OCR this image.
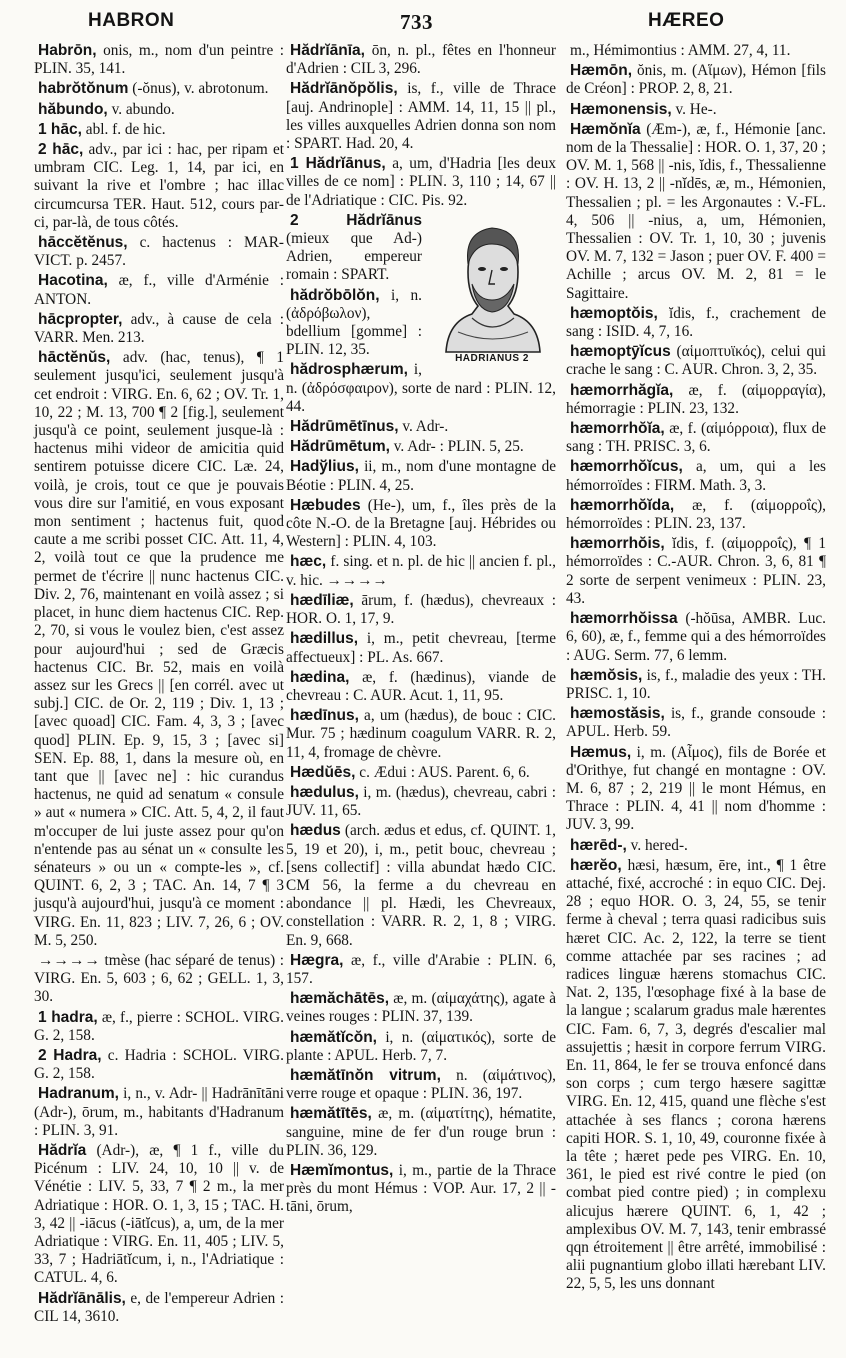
HABRON	733	HÆREO

Habrōn, onis, m., nom d'un peintre : PLIN. 35, 141.

habrŏtŏnum (-ŏnus), v. abrotonum.

hăbundo, v. abundo.

1 hāc, abl. f. de hic.

2 hāc, adv., par ici : hac, per ripam et umbram CIC. Leg. 1, 14, par ici, en suivant la rive et l'ombre ; hac illac circumcursa TER. Haut. 512, cours par-ci, par-là, de tous côtés.

hāccĕtĕnus, c. hactenus : MAR-VICT. p. 2457.

Hacotina, æ, f., ville d'Arménie : ANTON.

hācpropter, adv., à cause de cela : VARR. Men. 213.

hāctĕnŭs, adv. (hac, tenus), ¶ 1 seulement jusqu'ici, seulement jusqu'à cet endroit : VIRG. En. 6, 62 ; OV. Tr. 1, 10, 22 ; M. 13, 700 ¶ 2 [fig.], seulement jusqu'à ce point, seulement jusque-là : hactenus mihi videor de amicitia quid sentirem potuisse dicere CIC. Læ. 24, voilà, je crois, tout ce que je pouvais vous dire sur l'amitié, en vous exposant mon sentiment ; hactenus fuit, quod caute a me scribi posset CIC. Att. 11, 4, 2, voilà tout ce que la prudence me permet de t'écrire || nunc hactenus CIC. Div. 2, 76, maintenant en voilà assez ; si placet, in hunc diem hactenus CIC. Rep. 2, 70, si vous le voulez bien, c'est assez pour aujourd'hui ; sed de Græcis hactenus CIC. Br. 52, mais en voilà assez sur les Grecs || [en corrél. avec ut subj.] CIC. de Or. 2, 119 ; Div. 1, 13 ; [avec quoad] CIC. Fam. 4, 3, 3 ; [avec quod] PLIN. Ep. 9, 15, 3 ; [avec si] SEN. Ep. 88, 1, dans la mesure où, en tant que || [avec ne] : hic curandus hactenus, ne quid ad senatum « consule » aut « numera » CIC. Att. 5, 4, 2, il faut m'occuper de lui juste assez pour qu'on n'entende pas au sénat un « consulte les sénateurs » ou un « compte-les », cf. QUINT. 6, 2, 3 ; TAC. An. 14, 7 ¶ 3 jusqu'à aujourd'hui, jusqu'à ce moment : VIRG. En. 11, 823 ; LIV. 7, 26, 6 ; OV. M. 5, 250.

→→→→ tmèse (hac séparé de tenus) : VIRG. En. 5, 603 ; 6, 62 ; GELL. 1, 3, 30.

1 hadra, æ, f., pierre : SCHOL. VIRG. G. 2, 158.

2 Hadra, c. Hadria : SCHOL. VIRG. G. 2, 158.

Hadranum, i, n., v. Adr- || Hadrānītāni (Adr-), ōrum, m., habitants d'Hadranum : PLIN. 3, 91.

Hădrĭa (Adr-), æ, ¶ 1 f., ville du Picénum : LIV. 24, 10, 10 || v. de Vénétie : LIV. 5, 33, 7 ¶ 2 m., la mer Adriatique : HOR. O. 1, 3, 15 ; TAC. H. 3, 42 || -iācus (-iātĭcus), a, um, de la mer Adriatique : VIRG. En. 11, 405 ; LIV. 5, 33, 7 ; Hadriātĭcum, i, n., l'Adriatique : CATUL. 4, 6.

Hădrĭānālis, e, de l'empereur Adrien : CIL 14, 3610.

Hădrĭānīa, ōn, n. pl., fêtes en l'honneur d'Adrien : CIL 3, 296.

Hădrĭānŏpŏlis, is, f., ville de Thrace [auj. Andrinople] : AMM. 14, 11, 15 || pl., les villes auxquelles Adrien donna son nom : SPART. Had. 20, 4.

1 Hădrĭānus, a, um, d'Hadria [les deux villes de ce nom] : PLIN. 3, 110 ; 14, 67 || de l'Adriatique : CIC. Pis. 92.

HADRIANUS 2

2 Hădrĭānus (mieux que Ad-) Adrien, empereur romain : SPART.

hădrŏbōlŏn, i, n. (ἀδρόβωλον), bdellium [gomme] : PLIN. 12, 35.

hădrosphærum, i, n. (ἀδρόσφαιρον), sorte de nard : PLIN. 12, 44.

Hădrūmētīnus, v. Adr-.

Hădrūmētum, v. Adr- : PLIN. 5, 25.

Hadўlius, ii, m., nom d'une montagne de Béotie : PLIN. 4, 25.

Hæbudes (He-), um, f., îles près de la côte N.-O. de la Bretagne [auj. Hébrides ou Western] : PLIN. 4, 103.

hæc, f. sing. et n. pl. de hic || ancien f. pl., v. hic. →→→→

hædīliæ, ārum, f. (hædus), chevreaux : HOR. O. 1, 17, 9.

hædillus, i, m., petit chevreau, [terme affectueux] : PL. As. 667.

hædina, æ, f. (hædinus), viande de chevreau : C. AUR. Acut. 1, 11, 95.

hædīnus, a, um (hædus), de bouc : CIC. Mur. 75 ; hædinum coagulum VARR. R. 2, 11, 4, fromage de chèvre.

Hædŭēs, c. Ædui : AUS. Parent. 6, 6.

hædulus, i, m. (hædus), chevreau, cabri : JUV. 11, 65.

hædus (arch. ædus et edus, cf. QUINT. 1, 5, 19 et 20), i, m., petit bouc, chevreau ; [sens collectif] : villa abundat hædo CIC. CM 56, la ferme a du chevreau en abondance || pl. Hædi, les Chevreaux, constellation : VARR. R. 2, 1, 8 ; VIRG. En. 9, 668.

Hægra, æ, f., ville d'Arabie : PLIN. 6, 157.

hæmăchātēs, æ, m. (αἱμαχάτης), agate à veines rouges : PLIN. 37, 139.

hæmătĭcŏn, i, n. (αἱματικός), sorte de plante : APUL. Herb. 7, 7.

hæmătīnŏn vitrum, n. (αἱμάτινος), verre rouge et opaque : PLIN. 36, 197.

hæmătītēs, æ, m. (αἱματίτης), hématite, sanguine, mine de fer d'un rouge brun : PLIN. 36, 129.

Hæmĭmontus, i, m., partie de la Thrace près du mont Hémus : VOP. Aur. 17, 2 || -tāni, ōrum,

m., Hémimontius : AMM. 27, 4, 11.

Hæmōn, ŏnis, m. (Αἵμων), Hémon [fils de Créon] : PROP. 2, 8, 21.

Hæmonensis, v. He-.

Hæmŏnĭa (Æm-), æ, f., Hémonie [anc. nom de la Thessalie] : HOR. O. 1, 37, 20 ; OV. M. 1, 568 || -nis, ĭdis, f., Thessalienne : OV. H. 13, 2 || -nĭdēs, æ, m., Hémonien, Thessalien ; pl. = les Argonautes : V.-FL. 4, 506 || -nius, a, um, Hémonien, Thessalien : OV. Tr. 1, 10, 30 ; juvenis OV. M. 7, 132 = Jason ; puer OV. F. 400 = Achille ; arcus OV. M. 2, 81 = le Sagittaire.

hæmoptŏis, ĭdis, f., crachement de sang : ISID. 4, 7, 16.

hæmoptȳĭcus (αἱμοπτυϊκός), celui qui crache le sang : C. AUR. Chron. 3, 2, 35.

hæmorrhăgĭa, æ, f. (αἱμορραγία), hémorragie : PLIN. 23, 132.

hæmorrhŏĭa, æ, f. (αἱμόρροια), flux de sang : TH. PRISC. 3, 6.

hæmorrhŏĭcus, a, um, qui a les hémorroïdes : FIRM. Math. 3, 3.

hæmorrhŏĭda, æ, f. (αἱμορροΐς), hémorroïdes : PLIN. 23, 137.

hæmorrhŏis, ĭdis, f. (αἱμορροΐς), ¶ 1 hémorroïdes : C.-AUR. Chron. 3, 6, 81 ¶ 2 sorte de serpent venimeux : PLIN. 23, 43.

hæmorrhŏissa (-hŏūsa, AMBR. Luc. 6, 60), æ, f., femme qui a des hémorroïdes : AUG. Serm. 77, 6 lemm.

hæmŏsis, is, f., maladie des yeux : TH. PRISC. 1, 10.

hæmostăsis, is, f., grande consoude : APUL. Herb. 59.

Hæmus, i, m. (Αἶμος), fils de Borée et d'Orithye, fut changé en montagne : OV. M. 6, 87 ; 2, 219 || le mont Hémus, en Thrace : PLIN. 4, 41 || nom d'homme : JUV. 3, 99.

hærēd-, v. hered-.

hærĕo, hæsi, hæsum, ēre, int., ¶ 1 être attaché, fixé, accroché : in equo CIC. Dej. 28 ; equo HOR. O. 3, 24, 55, se tenir ferme à cheval ; terra quasi radicibus suis hæret CIC. Ac. 2, 122, la terre se tient comme attachée par ses racines ; ad radices linguæ hærens stomachus CIC. Nat. 2, 135, l'œsophage fixé à la base de la langue ; scalarum gradus male hærentes CIC. Fam. 6, 7, 3, degrés d'escalier mal assujettis ; hæsit in corpore ferrum VIRG. En. 11, 864, le fer se trouva enfoncé dans son corps ; cum tergo hæsere sagittæ VIRG. En. 12, 415, quand une flèche s'est attachée à ses flancs ; corona hærens capiti HOR. S. 1, 10, 49, couronne fixée à la tête ; hæret pede pes VIRG. En. 10, 361, le pied est rivé contre le pied (on combat pied contre pied) ; in complexu alicujus hærere QUINT. 6, 1, 42 ; amplexibus OV. M. 7, 143, tenir embrassé qqn étroitement || être arrêté, immobilisé : alii pugnantium globo illati hærebant LIV. 22, 5, 5, les uns donnant
